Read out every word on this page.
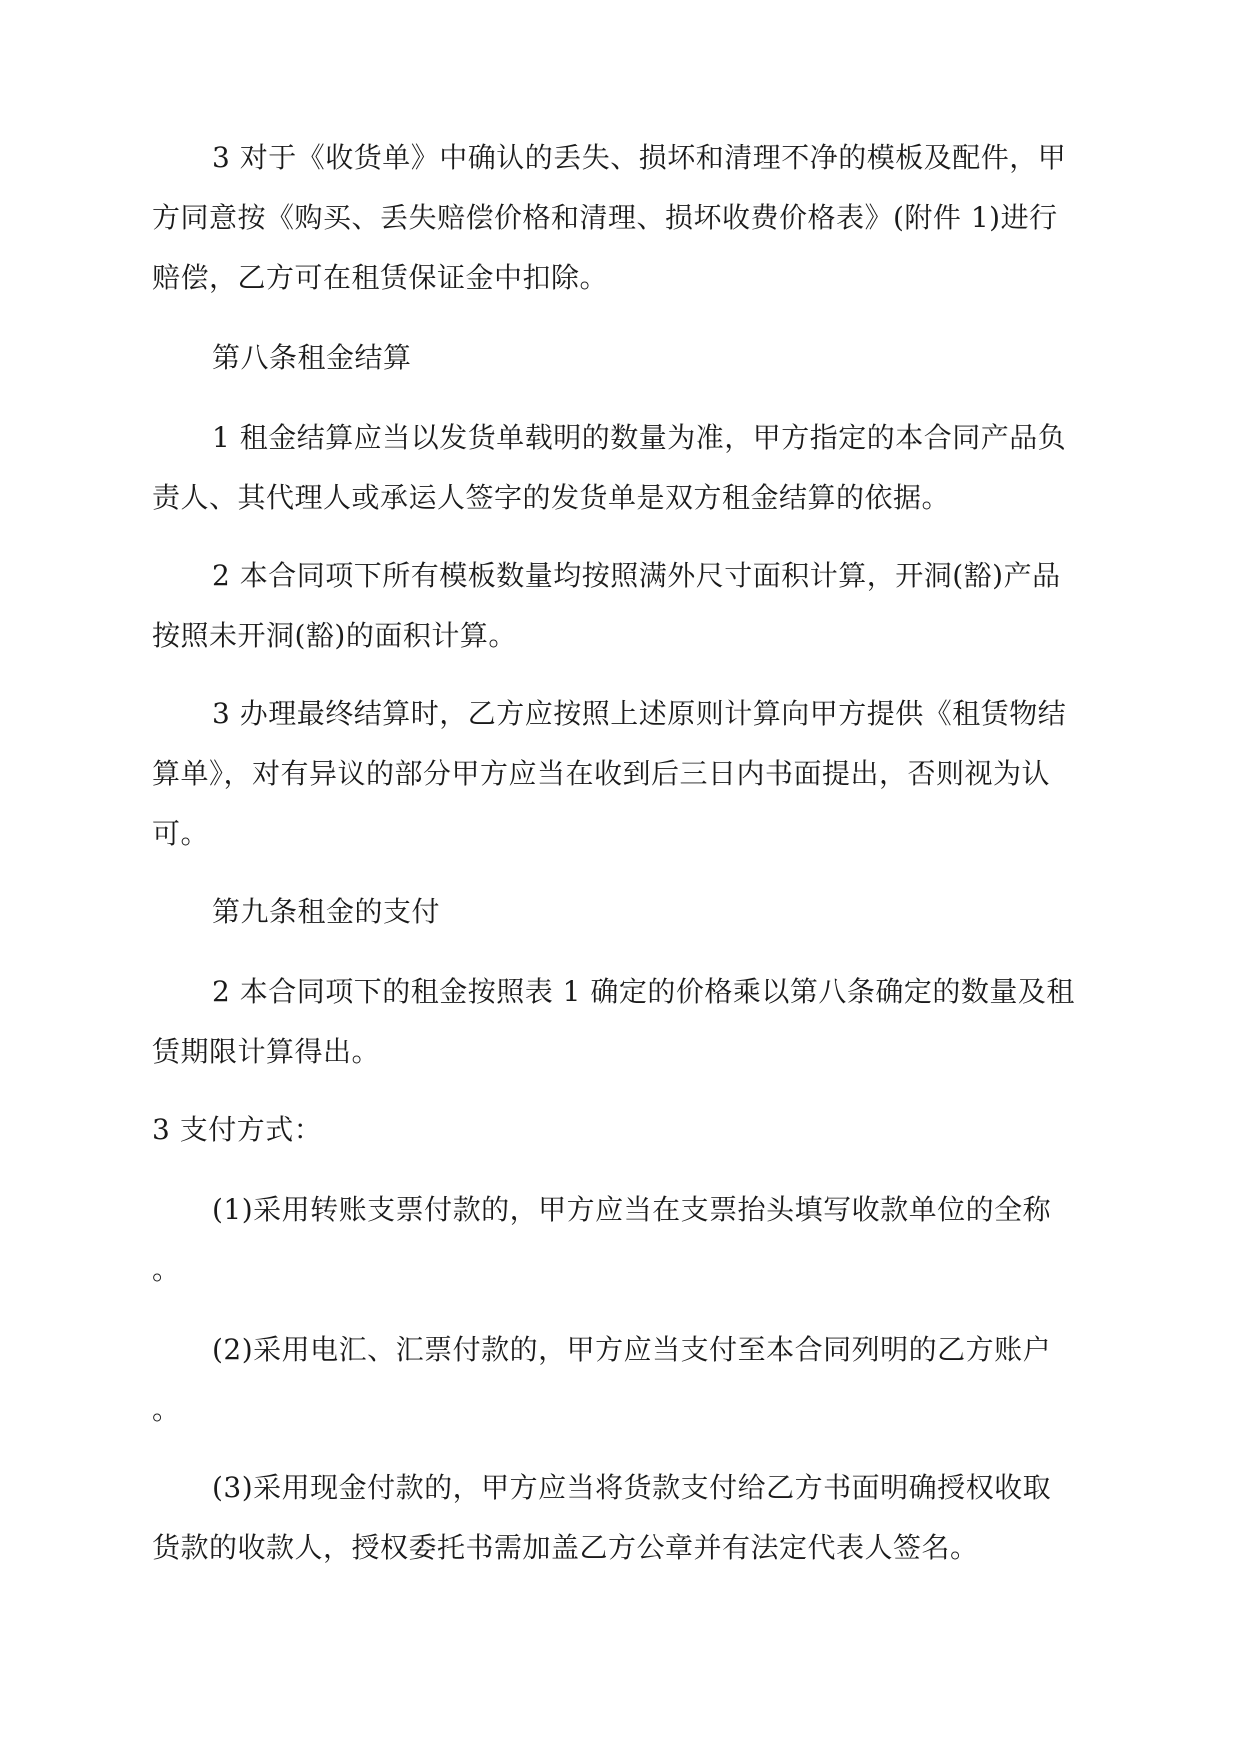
3 对于《收货单》中确认的丢失、损坏和清理不净的模板及配件，甲
方同意按《购买、丢失赔偿价格和清理、损坏收费价格表》(附件 1)进行
赔偿，乙方可在租赁保证金中扣除。
第八条租金结算
1 租金结算应当以发货单载明的数量为准，甲方指定的本合同产品负
责人、其代理人或承运人签字的发货单是双方租金结算的依据。
2 本合同项下所有模板数量均按照满外尺寸面积计算，开洞(豁)产品
按照未开洞(豁)的面积计算。
3 办理最终结算时，乙方应按照上述原则计算向甲方提供《租赁物结
算单》，对有异议的部分甲方应当在收到后三日内书面提出，否则视为认
可。
第九条租金的支付
2 本合同项下的租金按照表 1 确定的价格乘以第八条确定的数量及租
赁期限计算得出。
3 支付方式：
(1)采用转账支票付款的，甲方应当在支票抬头填写收款单位的全称
。
(2)采用电汇、汇票付款的，甲方应当支付至本合同列明的乙方账户
。
(3)采用现金付款的，甲方应当将货款支付给乙方书面明确授权收取
货款的收款人，授权委托书需加盖乙方公章并有法定代表人签名。
